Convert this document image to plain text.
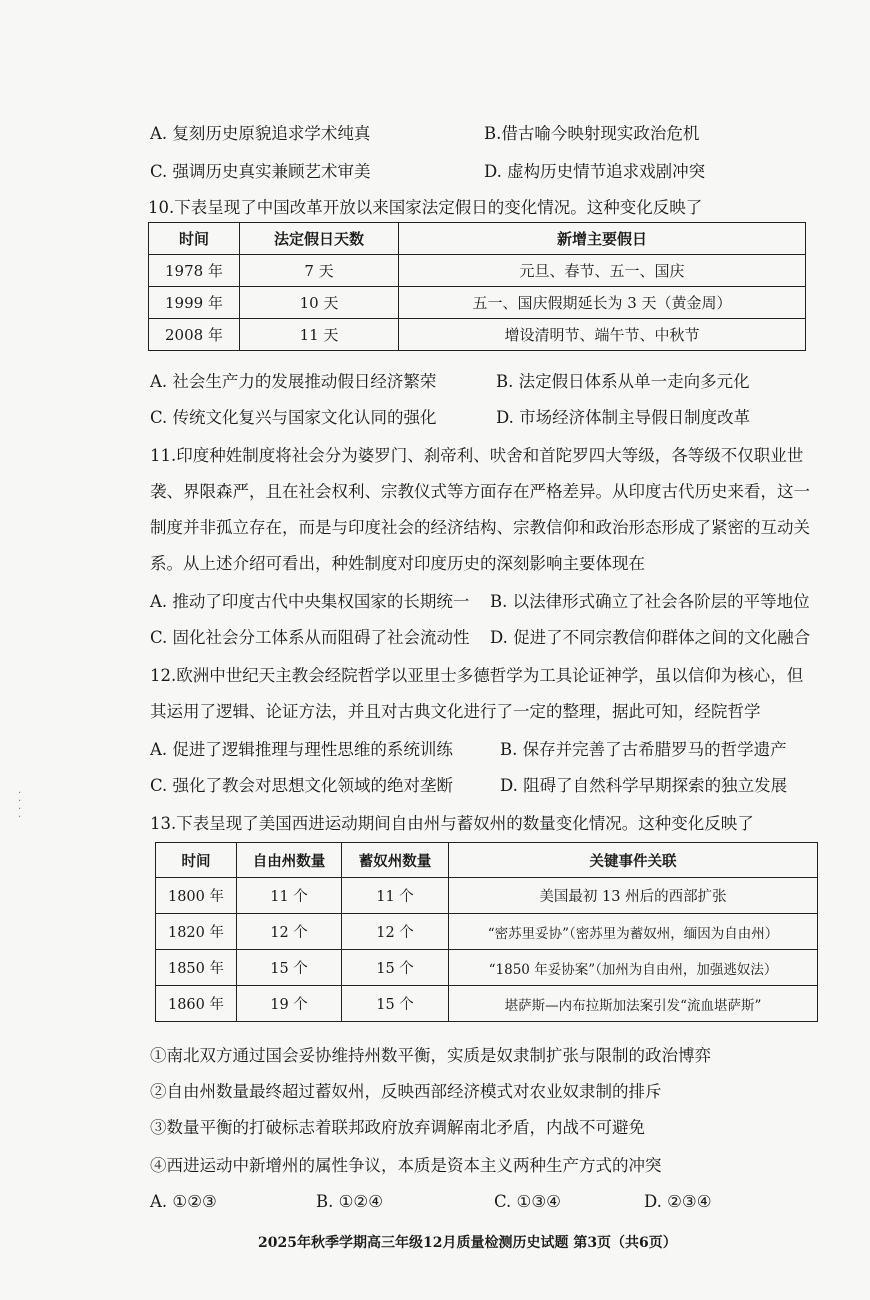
A. 复刻历史原貌追求学术纯真	B.借古喻今映射现实政治危机
C. 强调历史真实兼顾艺术审美	D. 虚构历史情节追求戏剧冲突
10.下表呈现了中国改革开放以来国家法定假日的变化情况。这种变化反映了
时间	法定假日天数	新增主要假日
1978 年	7 天	元旦、春节、五一、国庆
1999 年	10 天	五一、国庆假期延长为 3 天（黄金周）
2008 年	11 天	增设清明节、端午节、中秋节
A. 社会生产力的发展推动假日经济繁荣	B. 法定假日体系从单一走向多元化
C. 传统文化复兴与国家文化认同的强化	D. 市场经济体制主导假日制度改革
11.印度种姓制度将社会分为婆罗门、刹帝利、吠舍和首陀罗四大等级，各等级不仅职业世
袭、界限森严，且在社会权利、宗教仪式等方面存在严格差异。从印度古代历史来看，这一
制度并非孤立存在，而是与印度社会的经济结构、宗教信仰和政治形态形成了紧密的互动关
系。从上述介绍可看出，种姓制度对印度历史的深刻影响主要体现在
A. 推动了印度古代中央集权国家的长期统一 B. 以法律形式确立了社会各阶层的平等地位
C. 固化社会分工体系从而阻碍了社会流动性 D. 促进了不同宗教信仰群体之间的文化融合
12.欧洲中世纪天主教会经院哲学以亚里士多德哲学为工具论证神学，虽以信仰为核心，但
其运用了逻辑、论证方法，并且对古典文化进行了一定的整理，据此可知，经院哲学
A. 促进了逻辑推理与理性思维的系统训练	B. 保存并完善了古希腊罗马的哲学遗产
C. 强化了教会对思想文化领域的绝对垄断	D. 阻碍了自然科学早期探索的独立发展
13.下表呈现了美国西进运动期间自由州与蓄奴州的数量变化情况。这种变化反映了
时间	自由州数量	蓄奴州数量	关键事件关联
1800 年	11 个	11 个	美国最初 13 州后的西部扩张
1820 年	12 个	12 个	“密苏里妥协”（密苏里为蓄奴州，缅因为自由州）
1850 年	15 个	15 个	“1850 年妥协案”（加州为自由州，加强逃奴法）
1860 年	19 个	15 个	堪萨斯—内布拉斯加法案引发“流血堪萨斯”
①南北双方通过国会妥协维持州数平衡，实质是奴隶制扩张与限制的政治博弈
②自由州数量最终超过蓄奴州，反映西部经济模式对农业奴隶制的排斥
③数量平衡的打破标志着联邦政府放弃调解南北矛盾，内战不可避免
④西进运动中新增州的属性争议，本质是资本主义两种生产方式的冲突
A. ①②③	B. ①②④	C. ①③④	D. ②③④
2025年秋季学期高三年级12月质量检测历史试题 第3页（共6页）
·
·
·
·
